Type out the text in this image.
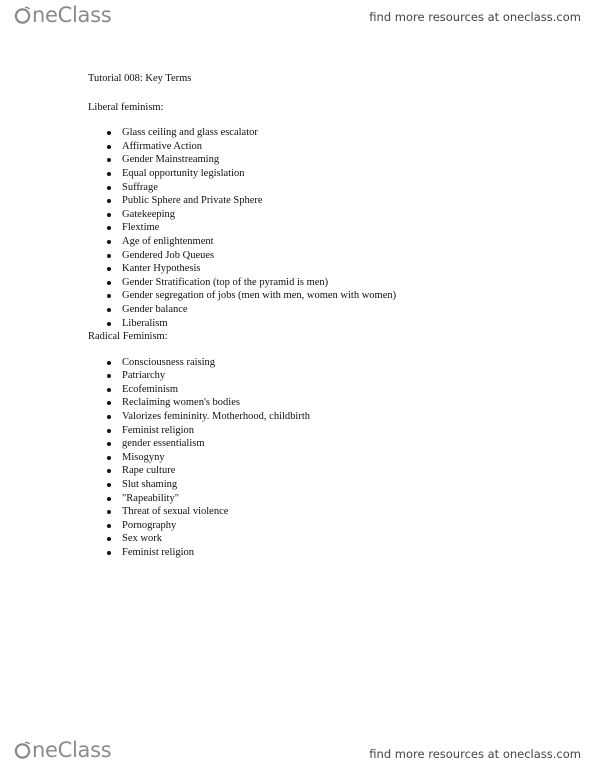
neClass	find more resources at oneclass.com
Tutorial 008: Key Terms
Liberal feminism:
Glass ceiling and glass escalator
Affirmative Action
Gender Mainstreaming
Equal opportunity legislation
Suffrage
Public Sphere and Private Sphere
Gatekeeping
Flextime
Age of enlightenment
Gendered Job Queues
Kanter Hypothesis
Gender Stratification (top of the pyramid is men)
Gender segregation of jobs (men with men, women with women)
Gender balance
Liberalism
Radical Feminism:
Consciousness raising
Patriarchy
Ecofeminism
Reclaiming women's bodies
Valorizes femininity. Motherhood, childbirth
Feminist religion
gender essentialism
Misogyny
Rape culture
Slut shaming
"Rapeability"
Threat of sexual violence
Pornography
Sex work
Feminist religion
neClass	find more resources at oneclass.com
